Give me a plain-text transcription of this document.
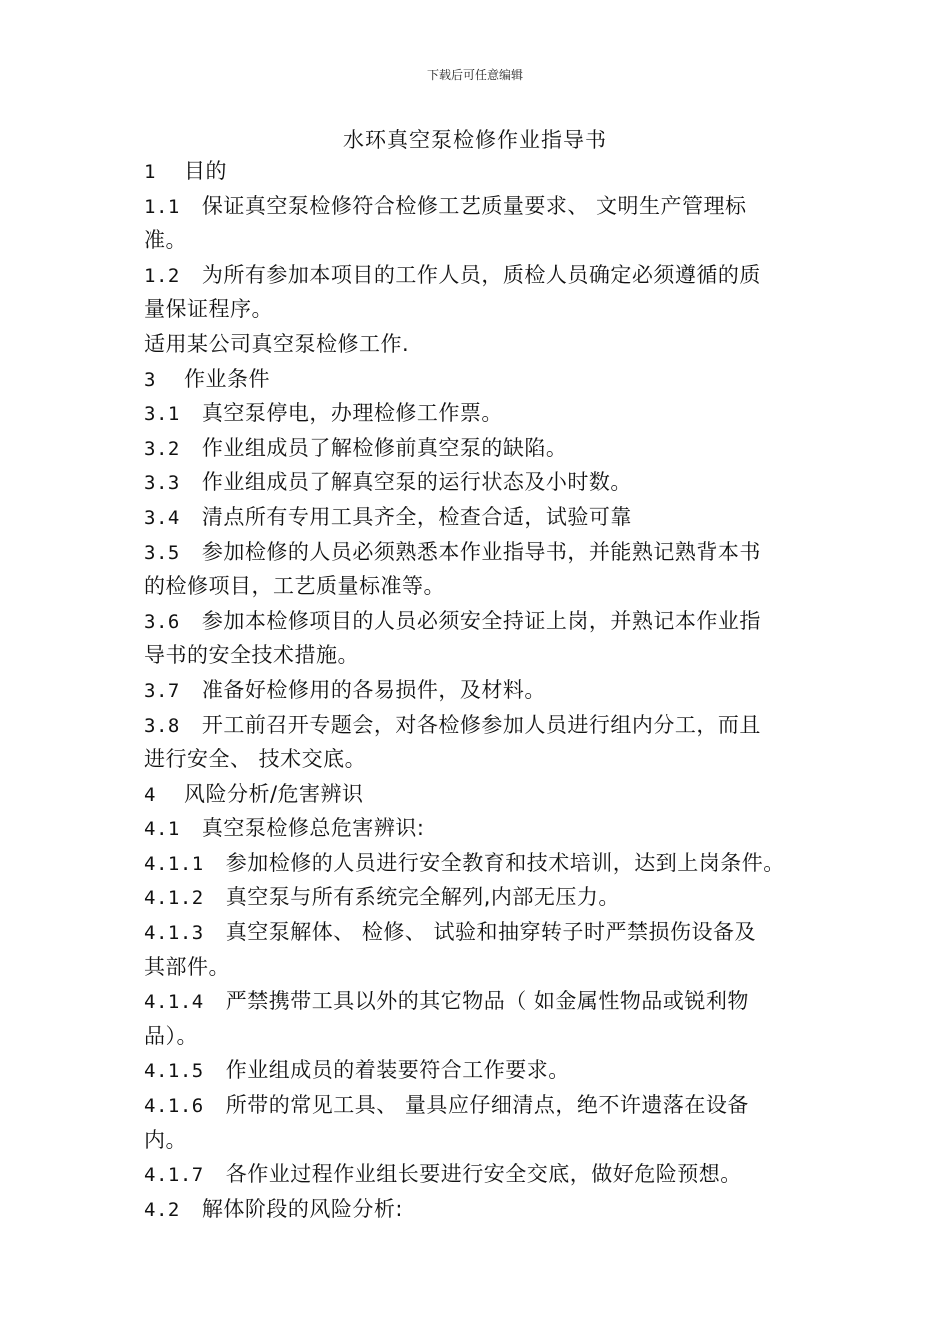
下载后可任意编辑
水环真空泵检修作业指导书
1 目的
1.1 保证真空泵检修符合检修工艺质量要求、 文明生产管理标
准。
1.2 为所有参加本项目的工作人员，质检人员确定必须遵循的质
量保证程序。
适用某公司真空泵检修工作.
3 作业条件
3.1 真空泵停电，办理检修工作票。
3.2 作业组成员了解检修前真空泵的缺陷。
3.3 作业组成员了解真空泵的运行状态及小时数。
3.4 清点所有专用工具齐全，检查合适，试验可靠
3.5 参加检修的人员必须熟悉本作业指导书，并能熟记熟背本书
的检修项目，工艺质量标准等。
3.6 参加本检修项目的人员必须安全持证上岗，并熟记本作业指
导书的安全技术措施。
3.7 准备好检修用的各易损件，及材料。
3.8 开工前召开专题会，对各检修参加人员进行组内分工，而且
进行安全、 技术交底。
4 风险分析/危害辨识
4.1 真空泵检修总危害辨识:
4.1.1 参加检修的人员进行安全教育和技术培训，达到上岗条件。
4.1.2 真空泵与所有系统完全解列,内部无压力。
4.1.3 真空泵解体、 检修、 试验和抽穿转子时严禁损伤设备及
其部件。
4.1.4 严禁携带工具以外的其它物品（ 如金属性物品或锐利物
品）。
4.1.5 作业组成员的着装要符合工作要求。
4.1.6 所带的常见工具、 量具应仔细清点，绝不许遗落在设备
内。
4.1.7 各作业过程作业组长要进行安全交底，做好危险预想。
4.2 解体阶段的风险分析:
